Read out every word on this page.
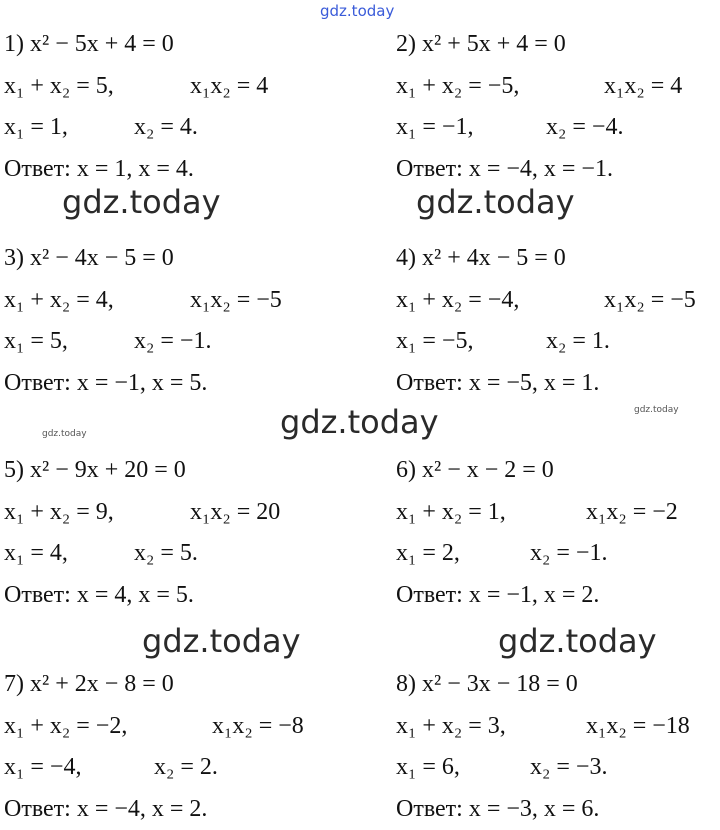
gdz.today
gdz.today	gdz.today
gdz.today
gdz.today	gdz.today
gdz.today
gdz.today
1) x² − 5x + 4 = 0
x₁ + x₂ = 5,	x₁x₂ = 4
x₁ = 1,	x₂ = 4.
Ответ: x = 1, x = 4.
2) x² + 5x + 4 = 0
x₁ + x₂ = −5,	x₁x₂ = 4
x₁ = −1,	x₂ = −4.
Ответ: x = −4, x = −1.
3) x² − 4x − 5 = 0
x₁ + x₂ = 4,	x₁x₂ = −5
x₁ = 5,	x₂ = −1.
Ответ: x = −1, x = 5.
4) x² + 4x − 5 = 0
x₁ + x₂ = −4,	x₁x₂ = −5
x₁ = −5,	x₂ = 1.
Ответ: x = −5, x = 1.
5) x² − 9x + 20 = 0
x₁ + x₂ = 9,	x₁x₂ = 20
x₁ = 4,	x₂ = 5.
Ответ: x = 4, x = 5.
6) x² − x − 2 = 0
x₁ + x₂ = 1,	x₁x₂ = −2
x₁ = 2,	x₂ = −1.
Ответ: x = −1, x = 2.
7) x² + 2x − 8 = 0
x₁ + x₂ = −2,	x₁x₂ = −8
x₁ = −4,	x₂ = 2.
Ответ: x = −4, x = 2.
8) x² − 3x − 18 = 0
x₁ + x₂ = 3,	x₁x₂ = −18
x₁ = 6,	x₂ = −3.
Ответ: x = −3, x = 6.
